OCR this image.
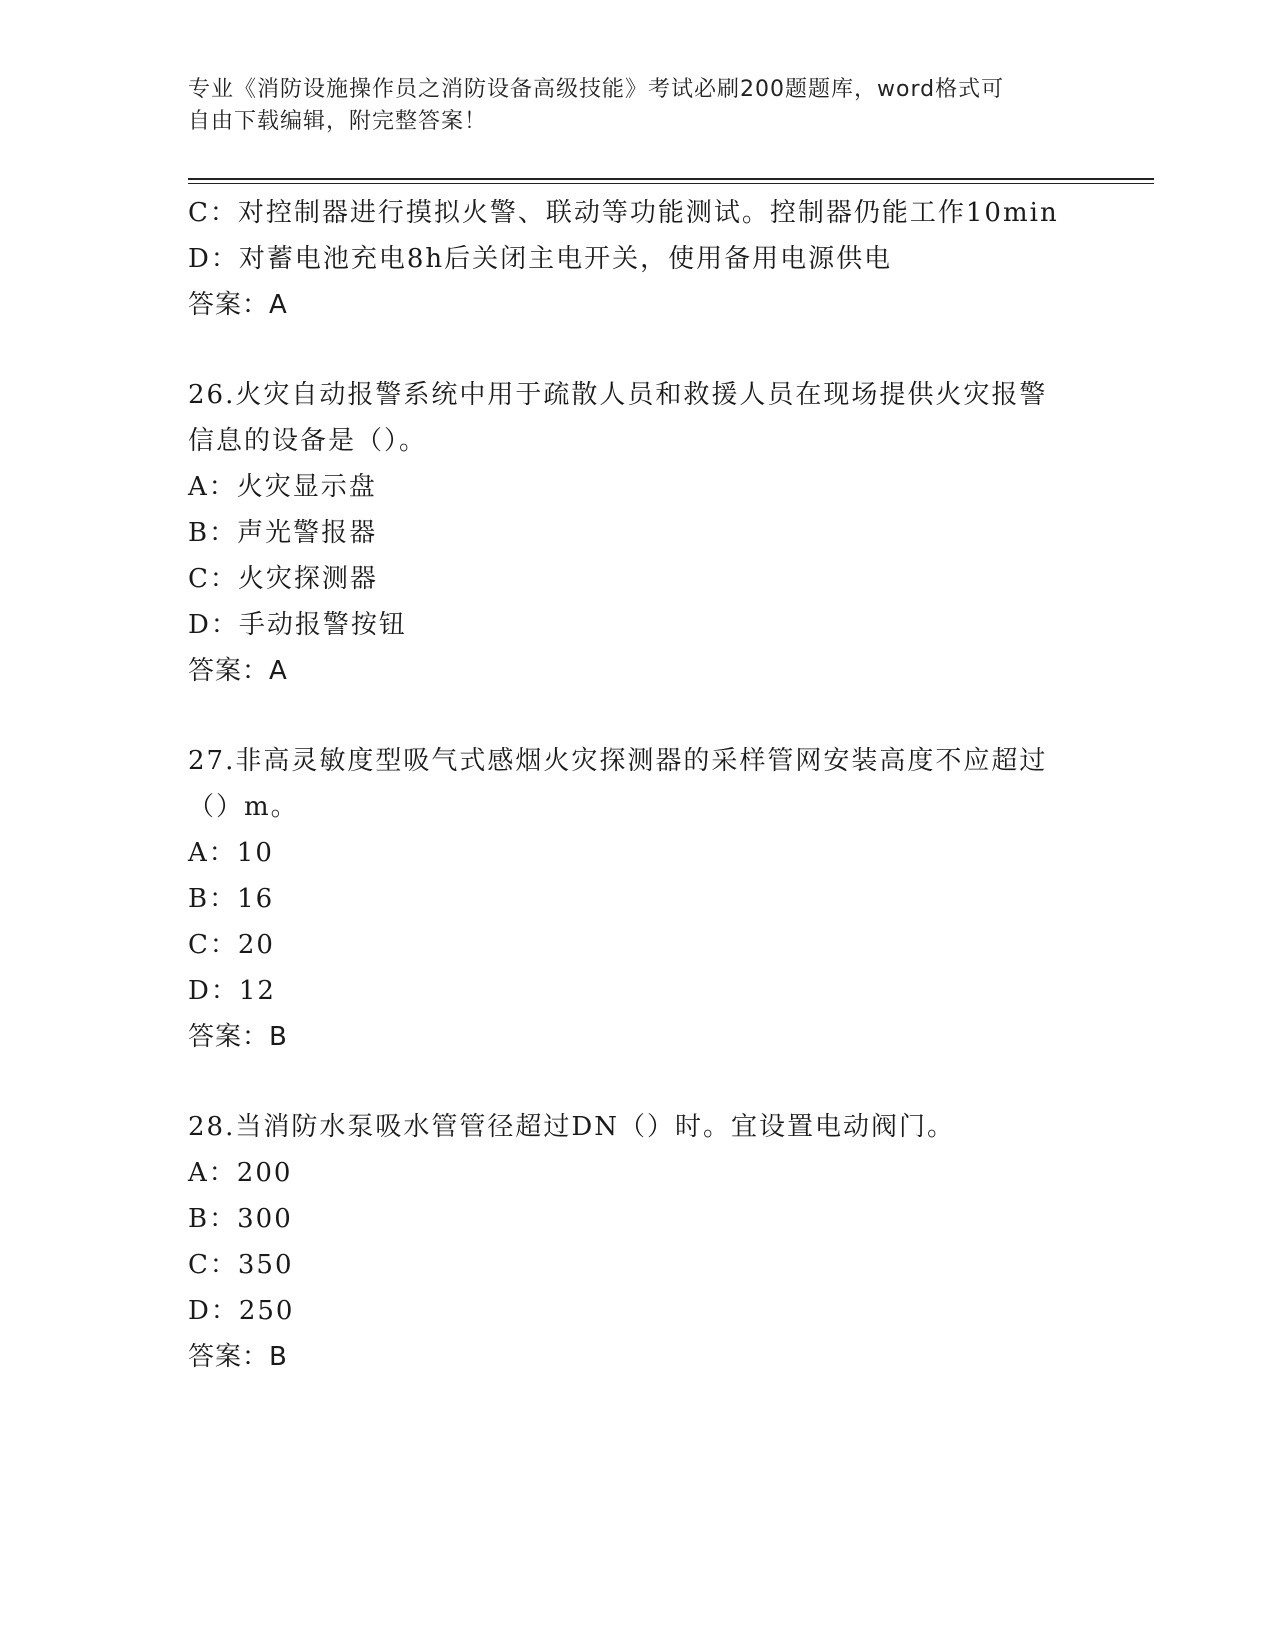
专业《消防设施操作员之消防设备高级技能》考试必刷200题题库，word格式可
自由下载编辑，附完整答案！
C：对控制器进行摸拟火警、联动等功能测试。控制器仍能工作10min
D：对蓄电池充电8h后关闭主电开关，使用备用电源供电
答案：A
26.火灾自动报警系统中用于疏散人员和救援人员在现场提供火灾报警
信息的设备是（）。
A：火灾显示盘
B：声光警报器
C：火灾探测器
D：手动报警按钮
答案：A
27.非高灵敏度型吸气式感烟火灾探测器的采样管网安装高度不应超过
（）m。
A：10
B：16
C：20
D：12
答案：B
28.当消防水泵吸水管管径超过DN（）时。宜设置电动阀门。
A：200
B：300
C：350
D：250
答案：B
